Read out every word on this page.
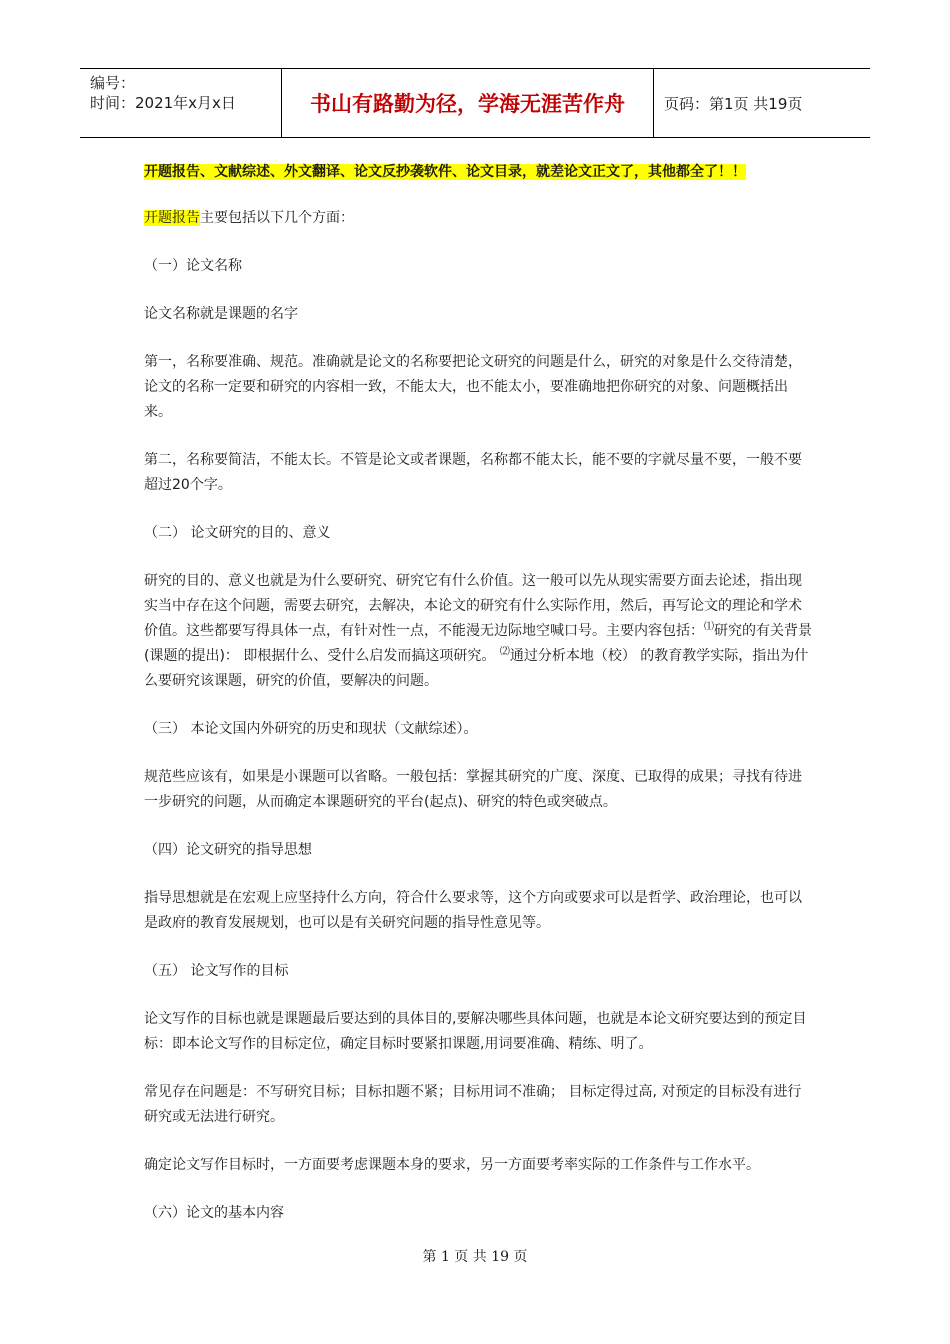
编号：
时间：2021年x月x日	书山有路勤为径，学海无涯苦作舟	页码：第1页 共19页

开题报告、文献综述、外文翻译、论文反抄袭软件、论文目录，就差论文正文了，其他都全了！！

开题报告主要包括以下几个方面：

（一）论文名称

论文名称就是课题的名字

第一，名称要准确、规范。准确就是论文的名称要把论文研究的问题是什么，研究的对象是什么交待清楚，论文的名称一定要和研究的内容相一致，不能太大，也不能太小，要准确地把你研究的对象、问题概括出来。

第二，名称要简洁，不能太长。不管是论文或者课题，名称都不能太长，能不要的字就尽量不要，一般不要超过20个字。

（二） 论文研究的目的、意义

研究的目的、意义也就是为什么要研究、研究它有什么价值。这一般可以先从现实需要方面去论述，指出现实当中存在这个问题，需要去研究，去解决，本论文的研究有什么实际作用，然后，再写论文的理论和学术价值。这些都要写得具体一点，有针对性一点，不能漫无边际地空喊口号。主要内容包括：⑴研究的有关背景(课题的提出)： 即根据什么、受什么启发而搞这项研究。 ⑵通过分析本地（校） 的教育教学实际，指出为什么要研究该课题，研究的价值，要解决的问题。

（三） 本论文国内外研究的历史和现状（文献综述）。

规范些应该有，如果是小课题可以省略。一般包括：掌握其研究的广度、深度、已取得的成果；寻找有待进一步研究的问题，从而确定本课题研究的平台(起点)、研究的特色或突破点。

（四）论文研究的指导思想

指导思想就是在宏观上应坚持什么方向，符合什么要求等，这个方向或要求可以是哲学、政治理论，也可以是政府的教育发展规划，也可以是有关研究问题的指导性意见等。

（五） 论文写作的目标

论文写作的目标也就是课题最后要达到的具体目的,要解决哪些具体问题，也就是本论文研究要达到的预定目标：即本论文写作的目标定位，确定目标时要紧扣课题,用词要准确、精练、明了。

常见存在问题是：不写研究目标；目标扣题不紧；目标用词不准确； 目标定得过高, 对预定的目标没有进行研究或无法进行研究。

确定论文写作目标时，一方面要考虑课题本身的要求，另一方面要考率实际的工作条件与工作水平。

（六）论文的基本内容

第 1 页 共 19 页
